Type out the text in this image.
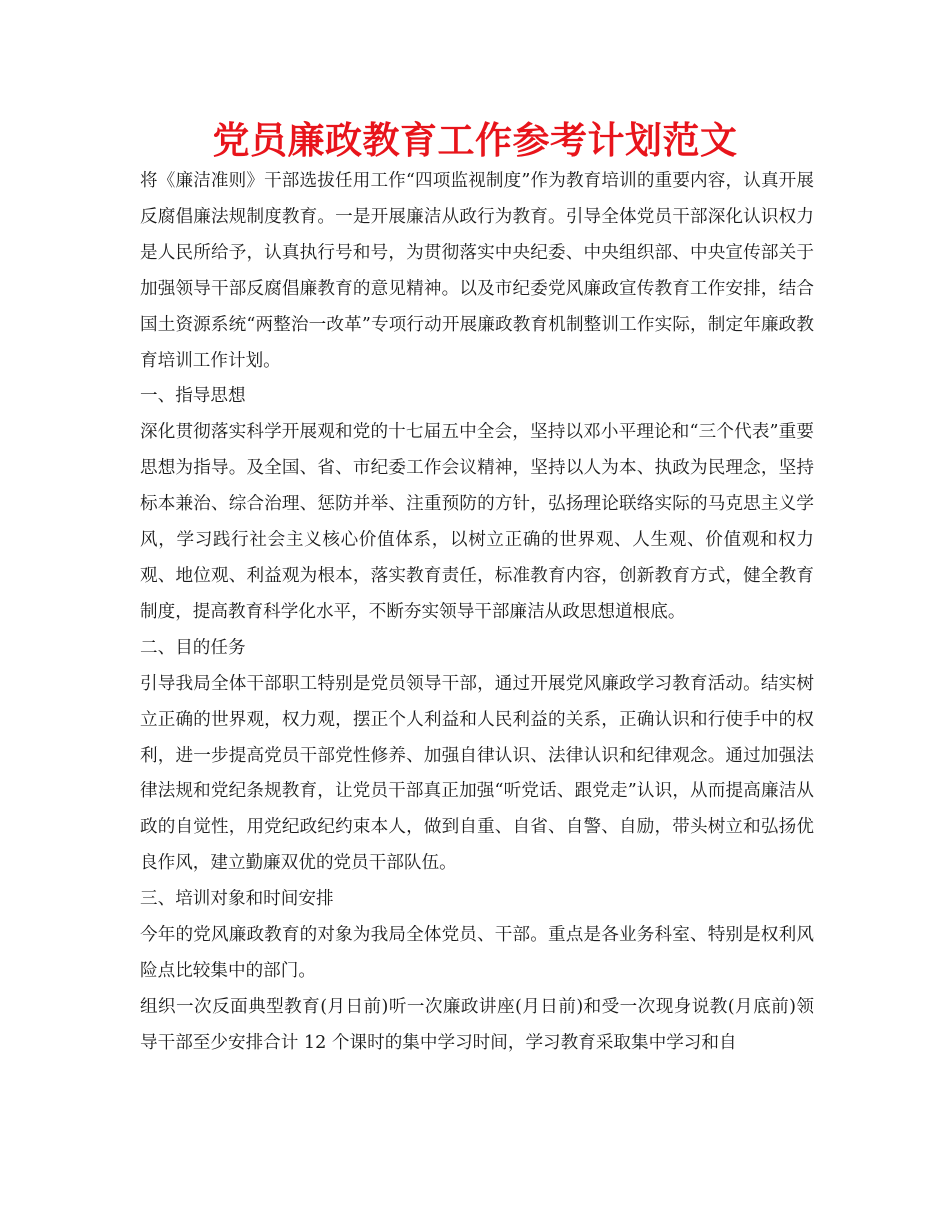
党员廉政教育工作参考计划范文

将《廉洁准则》干部选拔任用工作“四项监视制度”作为教育培训的重要内容，认真开展反腐倡廉法规制度教育。一是开展廉洁从政行为教育。引导全体党员干部深化认识权力是人民所给予，认真执行号和号，为贯彻落实中央纪委、中央组织部、中央宣传部关于加强领导干部反腐倡廉教育的意见精神。以及市纪委党风廉政宣传教育工作安排，结合国土资源系统“两整治一改革”专项行动开展廉政教育机制整训工作实际，制定年廉政教育培训工作计划。

一、指导思想

深化贯彻落实科学开展观和党的十七届五中全会，坚持以邓小平理论和“三个代表”重要思想为指导。及全国、省、市纪委工作会议精神，坚持以人为本、执政为民理念，坚持标本兼治、综合治理、惩防并举、注重预防的方针，弘扬理论联络实际的马克思主义学风，学习践行社会主义核心价值体系，以树立正确的世界观、人生观、价值观和权力观、地位观、利益观为根本，落实教育责任，标准教育内容，创新教育方式，健全教育制度，提高教育科学化水平，不断夯实领导干部廉洁从政思想道根底。

二、目的任务

引导我局全体干部职工特别是党员领导干部，通过开展党风廉政学习教育活动。结实树立正确的世界观，权力观，摆正个人利益和人民利益的关系，正确认识和行使手中的权利，进一步提高党员干部党性修养、加强自律认识、法律认识和纪律观念。通过加强法律法规和党纪条规教育，让党员干部真正加强“听党话、跟党走”认识，从而提高廉洁从政的自觉性，用党纪政纪约束本人，做到自重、自省、自警、自励，带头树立和弘扬优良作风，建立勤廉双优的党员干部队伍。

三、培训对象和时间安排

今年的党风廉政教育的对象为我局全体党员、干部。重点是各业务科室、特别是权利风险点比较集中的部门。

组织一次反面典型教育(月日前)听一次廉政讲座(月日前)和受一次现身说教(月底前)领导干部至少安排合计 12 个课时的集中学习时间，学习教育采取集中学习和自
